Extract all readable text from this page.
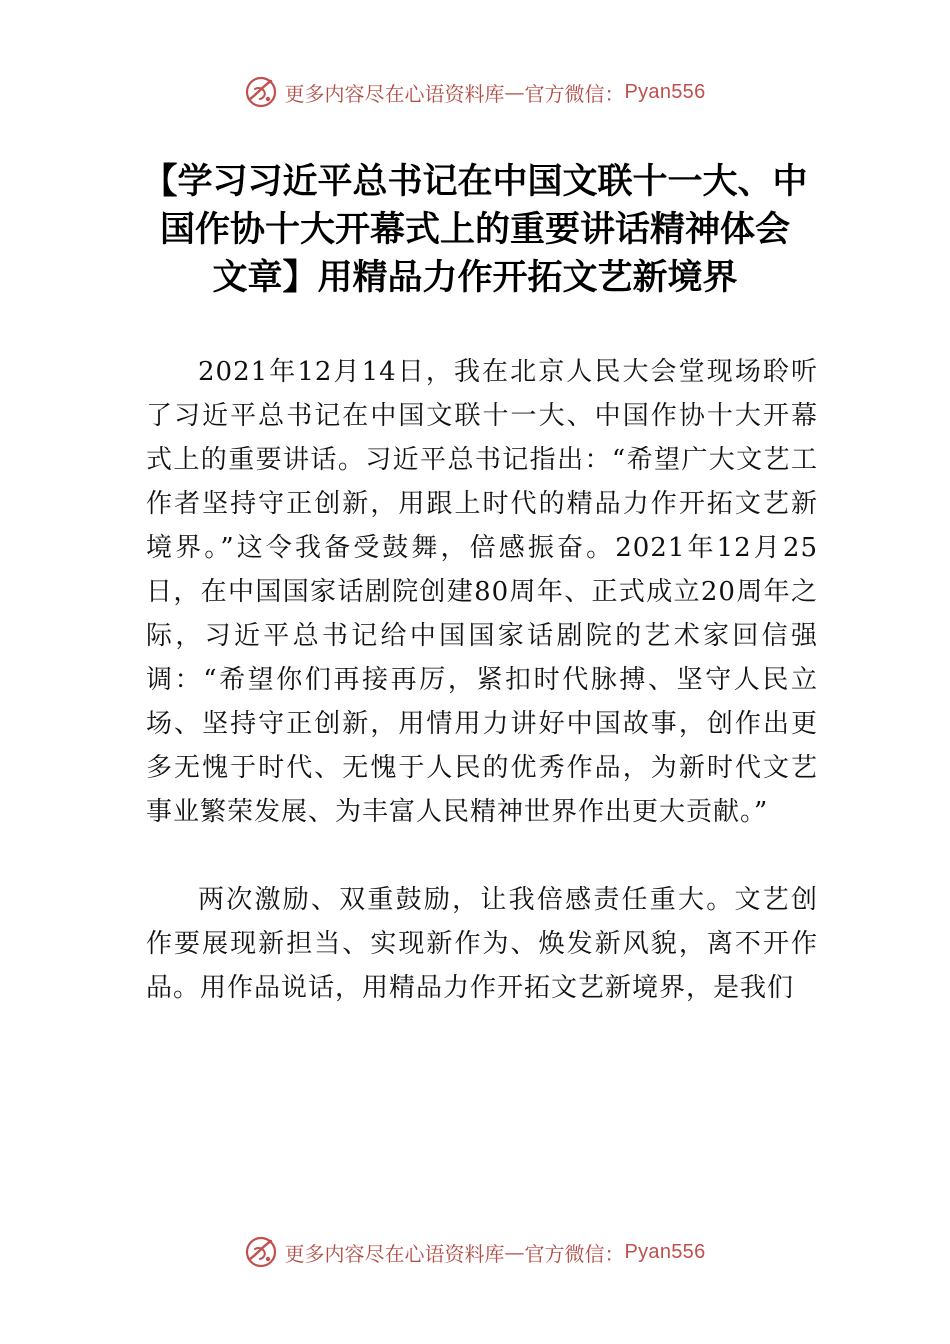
更多内容尽在心语资料库 — 官方微信： Pyan556
【学习习近平总书记在中国文联十一大、中
国作协十大开幕式上的重要讲话精神体会
文章】用精品力作开拓文艺新境界

2021年12月14日，我在北京人民大会堂现场聆听了习近平总书记在中国文联十一大、中国作协十大开幕式上的重要讲话。习近平总书记指出：“希望广大文艺工作者坚持守正创新，用跟上时代的精品力作开拓文艺新境界。”这令我备受鼓舞，倍感振奋。2021年12月25日，在中国国家话剧院创建80周年、正式成立20周年之际，习近平总书记给中国国家话剧院的艺术家回信强调：“希望你们再接再厉，紧扣时代脉搏、坚守人民立场、坚持守正创新，用情用力讲好中国故事，创作出更多无愧于时代、无愧于人民的优秀作品，为新时代文艺事业繁荣发展、为丰富人民精神世界作出更大贡献。”

两次激励、双重鼓励，让我倍感责任重大。文艺创作要展现新担当、实现新作为、焕发新风貌，离不开作品。用作品说话，用精品力作开拓文艺新境界，是我们

更多内容尽在心语资料库 — 官方微信： Pyan556
